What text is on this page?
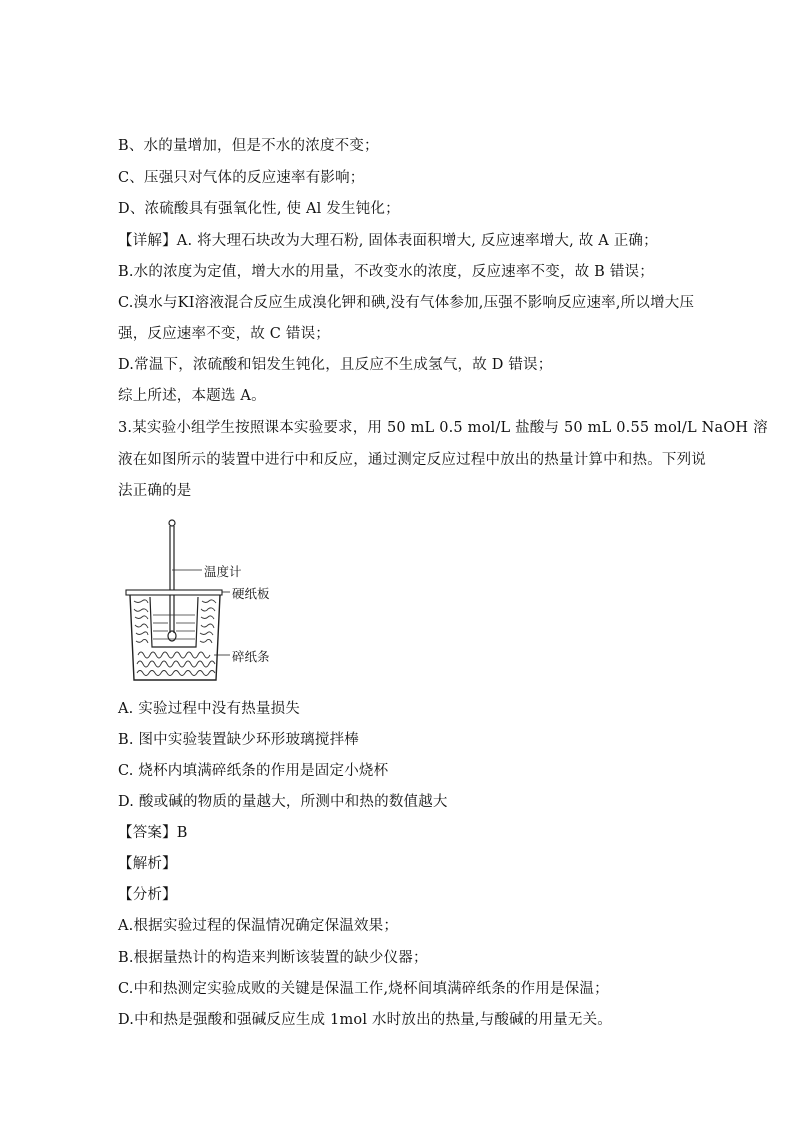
B、水的量增加，但是不水的浓度不变；
C、压强只对气体的反应速率有影响；
D、浓硫酸具有强氧化性, 使 Al 发生钝化；
【详解】A. 将大理石块改为大理石粉, 固体表面积增大, 反应速率增大, 故 A 正确；
B.水的浓度为定值，增大水的用量，不改变水的浓度，反应速率不变，故 B 错误；
C.溴水与KI溶液混合反应生成溴化钾和碘,没有气体参加,压强不影响反应速率,所以增大压
强，反应速率不变，故 C 错误；
D.常温下，浓硫酸和铝发生钝化，且反应不生成氢气，故 D 错误；
综上所述，本题选 A。
3.某实验小组学生按照课本实验要求，用 50 mL 0.5 mol/L 盐酸与 50 mL 0.55 mol/L NaOH 溶
液在如图所示的装置中进行中和反应，通过测定反应过程中放出的热量计算中和热。下列说
法正确的是
温度计
硬纸板
碎纸条
A. 实验过程中没有热量损失
B. 图中实验装置缺少环形玻璃搅拌棒
C. 烧杯内填满碎纸条的作用是固定小烧杯
D. 酸或碱的物质的量越大，所测中和热的数值越大
【答案】B
【解析】
【分析】
A.根据实验过程的保温情况确定保温效果；
B.根据量热计的构造来判断该装置的缺少仪器；
C.中和热测定实验成败的关键是保温工作,烧杯间填满碎纸条的作用是保温；
D.中和热是强酸和强碱反应生成 1mol 水时放出的热量,与酸碱的用量无关。
